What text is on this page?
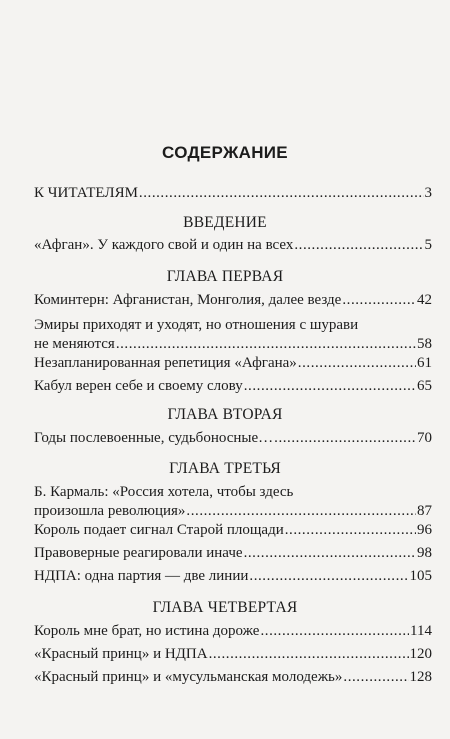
СОДЕРЖАНИЕ
К ЧИТАТЕЛЯМ . . .	3
ВВЕДЕНИЕ
«Афган». У каждого свой и один на всех . . .	5
ГЛАВА ПЕРВАЯ
Коминтерн: Афганистан, Монголия, далее везде . . .	42
Эмиры приходят и уходят, но отношения с шурави
не меняются . . .	58
Незапланированная репетиция «Афгана» . . .	61
Кабул верен себе и своему слову . . .	65
ГЛАВА ВТОРАЯ
Годы послевоенные, судьбоносные… . . .	70
ГЛАВА ТРЕТЬЯ
Б. Кармаль: «Россия хотела, чтобы здесь
произошла революция» . . .	87
Король подает сигнал Старой площади . . .	96
Правоверные реагировали иначе . . .	98
НДПА: одна партия — две линии . . .	105
ГЛАВА ЧЕТВЕРТАЯ
Король мне брат, но истина дороже . . .	114
«Красный принц» и НДПА . . .	120
«Красный принц» и «мусульманская молодежь» . . .	128
